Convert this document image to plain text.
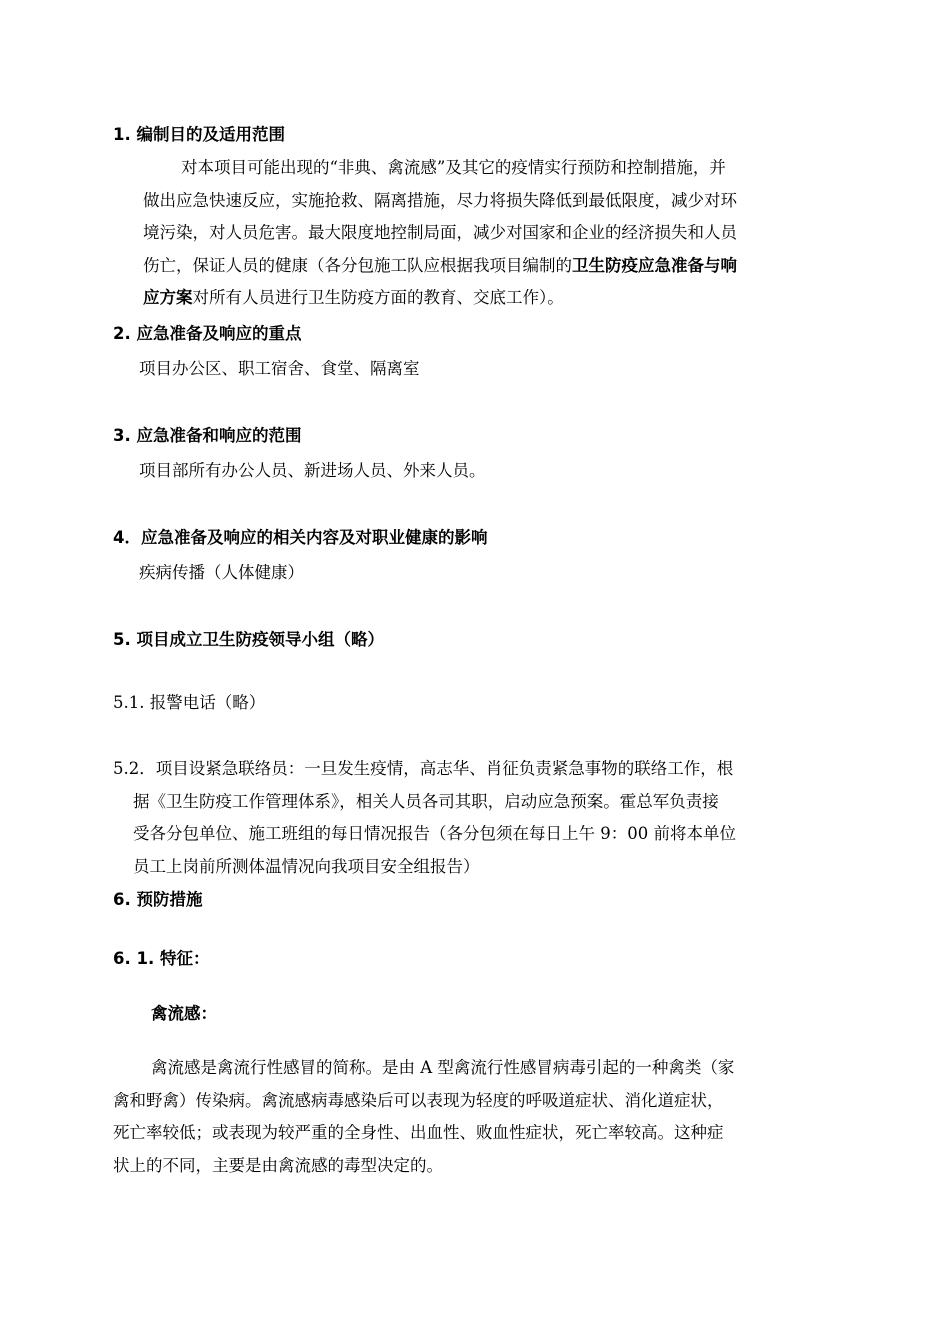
1. 编制目的及适用范围
对本项目可能出现的“非典、禽流感”及其它的疫情实行预防和控制措施，并
做出应急快速反应，实施抢救、隔离措施，尽力将损失降低到最低限度，减少对环
境污染，对人员危害。最大限度地控制局面，减少对国家和企业的经济损失和人员
伤亡，保证人员的健康（各分包施工队应根据我项目编制的卫生防疫应急准备与响
应方案对所有人员进行卫生防疫方面的教育、交底工作）。
2. 应急准备及响应的重点
项目办公区、职工宿舍、食堂、隔离室
3. 应急准备和响应的范围
项目部所有办公人员、新进场人员、外来人员。
4．应急准备及响应的相关内容及对职业健康的影响
疾病传播（人体健康）
5. 项目成立卫生防疫领导小组（略）
5.1. 报警电话（略）
5.2．项目设紧急联络员：一旦发生疫情，高志华、肖征负责紧急事物的联络工作，根
据《卫生防疫工作管理体系》，相关人员各司其职，启动应急预案。霍总军负责接
受各分包单位、施工班组的每日情况报告（各分包须在每日上午 9：00 前将本单位
员工上岗前所测体温情况向我项目安全组报告）
6. 预防措施
6. 1. 特征：
禽流感：
禽流感是禽流行性感冒的简称。是由 A 型禽流行性感冒病毒引起的一种禽类（家
禽和野禽）传染病。禽流感病毒感染后可以表现为轻度的呼吸道症状、消化道症状，
死亡率较低；或表现为较严重的全身性、出血性、败血性症状，死亡率较高。这种症
状上的不同，主要是由禽流感的毒型决定的。
